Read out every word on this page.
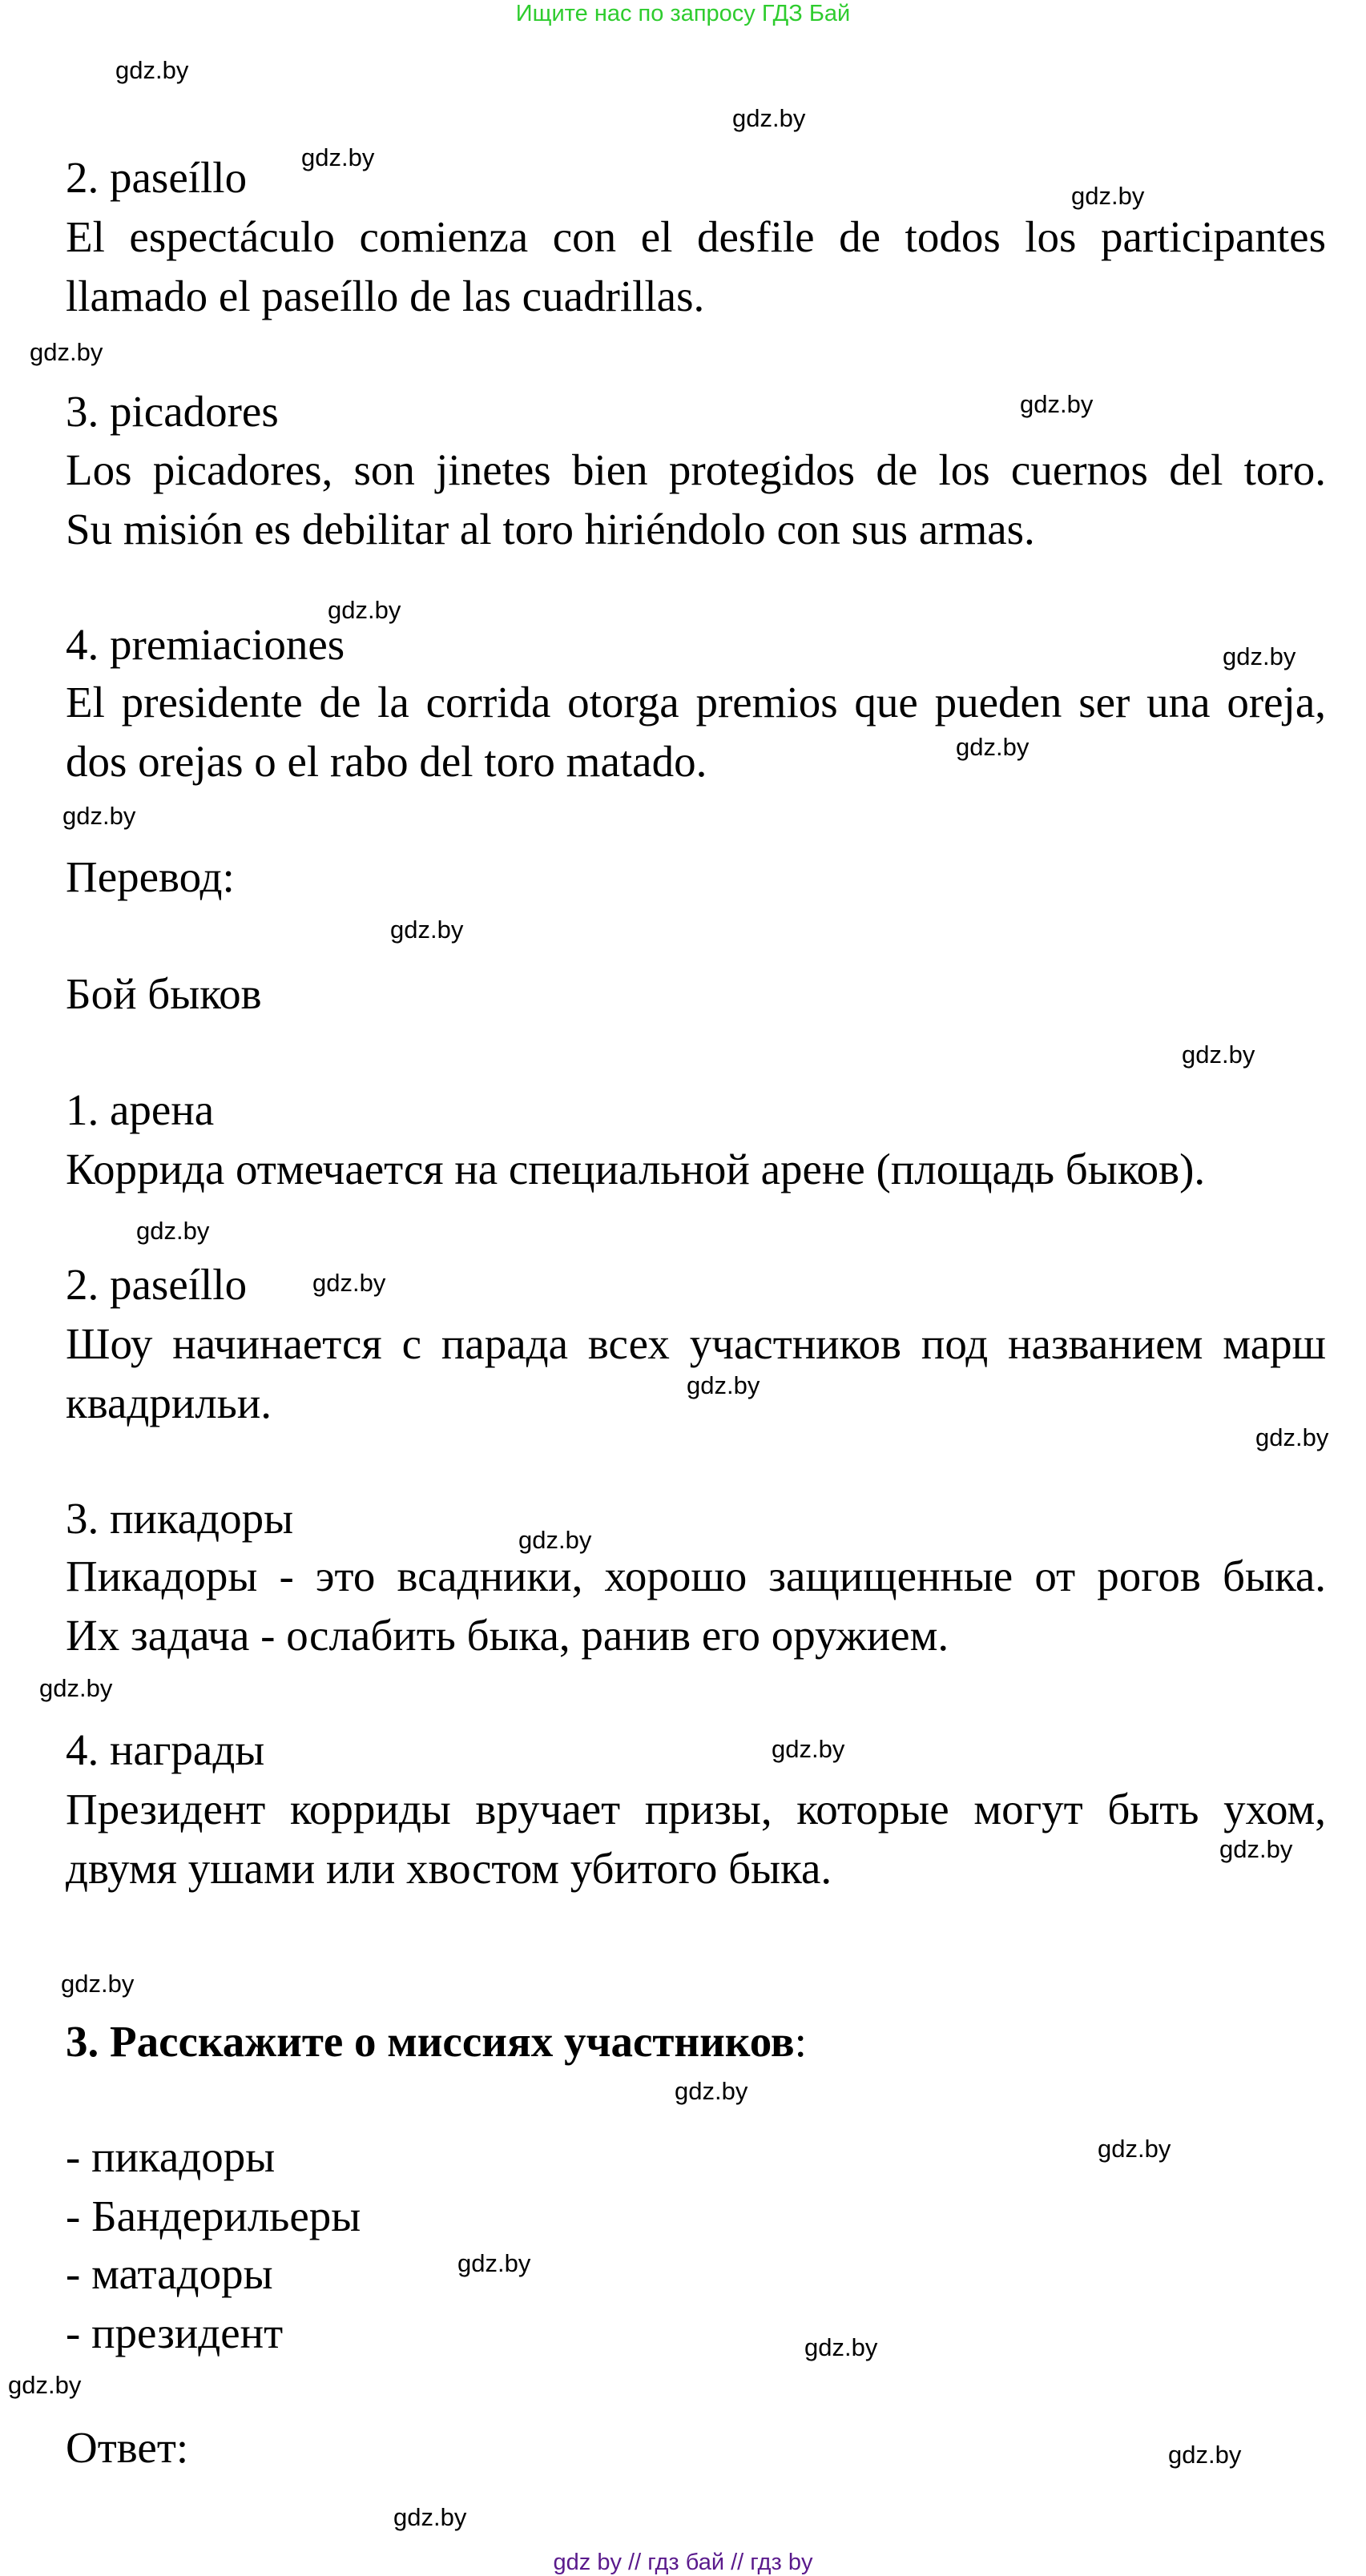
Ищите нас по запросу ГДЗ Бай
2. paseíllo
El espectáculo comienza con el desfile de todos los participantes
llamado el paseíllo de las cuadrillas.
3. picadores
Los picadores, son jinetes bien protegidos de los cuernos del toro.
Su misión es debilitar al toro hiriéndolo con sus armas.
4. premiaciones
El presidente de la corrida otorga premios que pueden ser una oreja,
dos orejas o el rabo del toro matado.
Перевод:
Бой быков
1. арена
Коррида отмечается на специальной арене (площадь быков).
2. paseíllo
Шоу начинается с парада всех участников под названием марш
квадрильи.
3. пикадоры
Пикадоры - это всадники, хорошо защищенные от рогов быка.
Их задача - ослабить быка, ранив его оружием.
4. награды
Президент корриды вручает призы, которые могут быть ухом,
двумя ушами или хвостом убитого быка.
3. Расскажите о миссиях участников:
- пикадоры
- Бандерильеры
- матадоры
- президент
Ответ:
gdz.by
gdz.by
gdz.by
gdz.by
gdz.by
gdz.by
gdz.by
gdz.by
gdz.by
gdz.by
gdz.by
gdz.by
gdz.by
gdz.by
gdz.by
gdz.by
gdz.by
gdz.by
gdz.by
gdz.by
gdz.by
gdz.by
gdz.by
gdz.by
gdz.by
gdz.by
gdz.by
gdz.by
gdz by // гдз бай // гдз by
